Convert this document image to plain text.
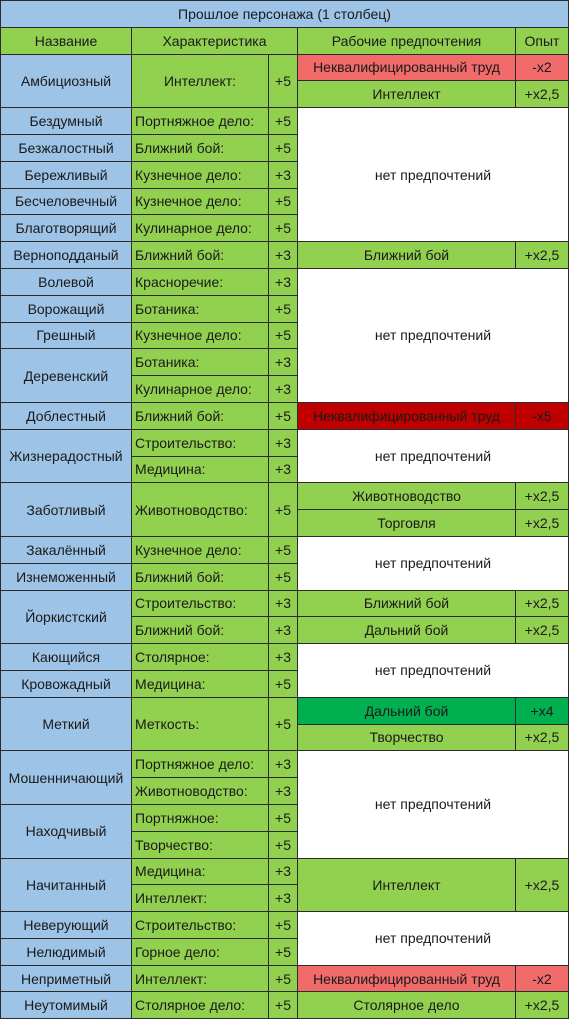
Прошлое персонажа (1 столбец)				
Название	Характеристика		Рабочие предпочтения	Опыт
Амбициозный	Интеллект:	+5	Неквалифицированный труд	-x2
			Интеллект	+x2,5
Бездумный	Портняжное дело:	+5	нет предпочтений	
Безжалостный	Ближний бой:	+5		
Бережливый	Кузнечное дело:	+3		
Бесчеловечный	Кузнечное дело:	+5		
Благотворящий	Кулинарное дело:	+5		
Верноподданый	Ближний бой:	+3	Ближний бой	+x2,5
Волевой	Красноречие:	+3	нет предпочтений	
Ворожащий	Ботаника:	+5		
Грешный	Кузнечное дело:	+5		
Деревенский	Ботаника:	+3		
	Кулинарное дело:	+3		
Доблестный	Ближний бой:	+5	Неквалифицированный труд	-x5
Жизнерадостный	Строительство:	+3	нет предпочтений	
	Медицина:	+3		
Заботливый	Животноводство:	+5	Животноводство	+x2,5
			Торговля	+x2,5
Закалённый	Кузнечное дело:	+5	нет предпочтений	
Изнеможенный	Ближний бой:	+5		
Йоркистский	Строительство:	+3	Ближний бой	+x2,5
	Ближний бой:	+3	Дальний бой	+x2,5
Кающийся	Столярное:	+3	нет предпочтений	
Кровожадный	Медицина:	+5		
Меткий	Меткость:	+5	Дальний бой	+x4
			Творчество	+x2,5
Мошенничающий	Портняжное дело:	+3	нет предпочтений	
	Животноводство:	+3		
Находчивый	Портняжное:	+5		
	Творчество:	+5		
Начитанный	Медицина:	+3	Интеллект	+x2,5
	Интеллект:	+3		
Неверующий	Строительство:	+5	нет предпочтений	
Нелюдимый	Горное дело:	+5		
Неприметный	Интеллект:	+5	Неквалифицированный труд	-x2
Неутомимый	Столярное дело:	+5	Столярное дело	+x2,5
